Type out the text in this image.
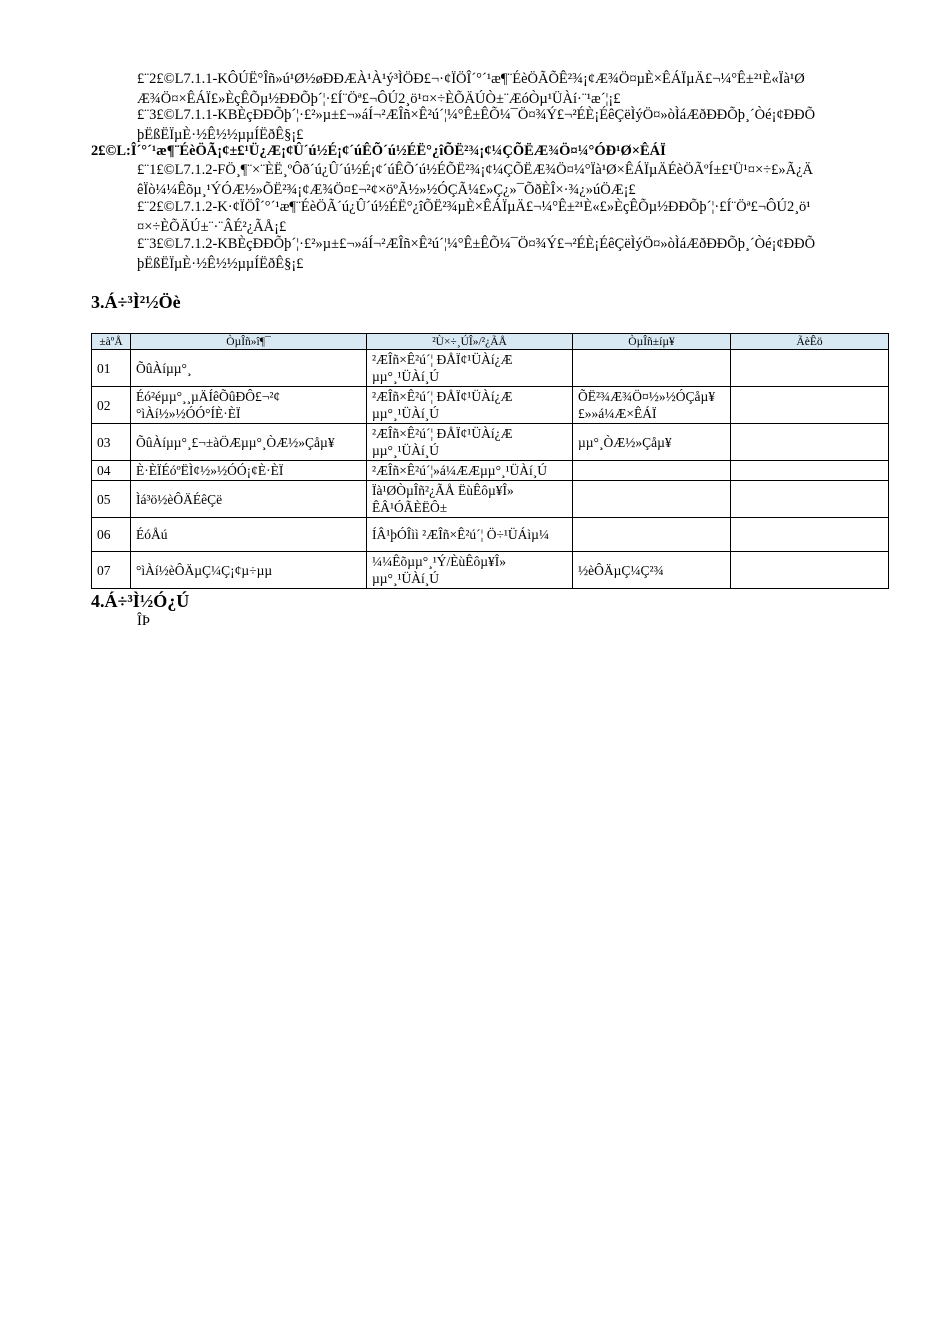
£¨2£©L7.1.1-KÔÚË°Îñ»ú¹Ø½øÐÐÆÀ¹À¹ý³ÌÖÐ£¬·¢ÏÖÎ´°´¹æ¶¨ÉèÖÃÕÊ²¾¡¢Æ¾Ö¤µÈ×ÊÁÏµÄ£¬¼°Ê±²¹È«Ïà¹Ø
Æ¾Ö¤×ÊÁÏ£»ÈçÊÕµ½ÐÐÕþ´¦·£Í¨Öª£¬ÔÚ2¸ö¹¤×÷ÈÕÄÚÒ±¨ÆóÒµ¹ÜÀí·¨¹æ´¦¡£
£¨3£©L7.1.1-KBÈçÐÐÕþ´¦·£²»µ±£¬»áÍ¬²ÆÎñ×Ê²ú´¦¼°Ê±ÊÕ¼¯Ö¤¾Ý£¬²ÉÈ¡ÉêÇëÌýÖ¤»òÌáÆðÐÐÕþ¸´Òé¡¢ÐÐÕ
þËßËÏµÈ·½Ê½½µµÍËðÊ§¡£
2£©L:Î´°´¹æ¶¨ÉèÖÃ¡¢±£¹Ü¿Æ¡¢Û´ú½É¡¢´úÊÕ´ú½ÉË°¿îÕË²¾¡¢¼ÇÕËÆ¾Ö¤¼°ÓÐ¹Ø×ÊÁÏ
£¨1£©L7.1.2-FÖ¸¶¨×¨ÈË¸ºÔð´ú¿Û´ú½É¡¢´úÊÕ´ú½ÉÕË²¾¡¢¼ÇÕËÆ¾Ö¤¼°Ïà¹Ø×ÊÁÏµÄÉèÖÃºÍ±£¹Ü¹¤×÷£»Ã¿Ä
êÏò¼¼Êõµ¸¹ÝÓÆ½»ÕË²¾¡¢Æ¾Ö¤£¬²¢×öºÃ½»½ÓÇÃ¼£»Ç¿»¯ÕðÈÎ×·¾¿»úÖÆ¡£
£¨2£©L7.1.2-K·¢ÏÖÎ´°´¹æ¶¨ÉèÖÃ´ú¿Û´ú½ÉË°¿îÕË²¾µÈ×ÊÁÏµÄ£¬¼°Ê±²¹È«£»ÈçÊÕµ½ÐÐÕþ´¦·£Í¨Öª£¬ÔÚ2¸ö¹
¤×÷ÈÕÄÚ±¨·¨ÂÉ²¿ÃÅ¡£
£¨3£©L7.1.2-KBÈçÐÐÕþ´¦·£²»µ±£¬»áÍ¬²ÆÎñ×Ê²ú´¦¼°Ê±ÊÕ¼¯Ö¤¾Ý£¬²ÉÈ¡ÉêÇëÌýÖ¤»òÌáÆðÐÐÕþ¸´Òé¡¢ÐÐÕ
þËßËÏµÈ·½Ê½½µµÍËðÊ§¡£
3.Á÷³Ì²½Öè
±àºÅ	ÒµÎñ»î¶¯	²Ù×÷¸ÚÎ»/²¿ÃÅ	ÒµÎñ±íµ¥	ÃèÊö
01	ÕûÀíµµ°¸	²ÆÎñ×Ê²ú´¦ ÐÅÏ¢¹ÜÀí¿Æ µµ°¸¹ÜÀí¸Ú		
02	Éó²éµµ°¸¸µÄÍêÕûÐÔ£¬²¢°ìÀí½»½ÓÓ°ÍÈ·ÈÏ	²ÆÎñ×Ê²ú´¦ ÐÅÏ¢¹ÜÀí¿Æ µµ°¸¹ÜÀí¸Ú	ÕË²¾Æ¾Ö¤½»½ÓÇåµ¥£»»á¼Æ×ÊÁÏ	
03	ÕûÀíµµ°¸£¬±àÖÆµµ°¸ÒÆ½»Çåµ¥	²ÆÎñ×Ê²ú´¦ ÐÅÏ¢¹ÜÀí¿Æ µµ°¸¹ÜÀí¸Ú	µµ°¸ÒÆ½»Çåµ¥	
04	È·ÈÏÉóºËÌ¢½»½ÓÓ¡¢È·ÈÏ	²ÆÎñ×Ê²ú´¦»á¼ÆÆµµ°¸¹ÜÀí¸Ú		
05	Ìá³ö½èÔÄÉêÇë	Ïà¹ØÒµÎñ²¿ÃÅ ËùÊôµ¥Î» ÊÂ¹ÓÃÈËÔ±		
06	ÉóÅú	ÍÂ¹þÓÎìì ²ÆÎñ×Ê²ú´¦ Ö÷¹ÜÁìµ¼		
07	°ìÀí½èÔÄµÇ¼Ç¡¢µ÷µµ	¼¼Êõµµ°¸¹Ý/ÈùÊôµ¥Î» µµ°¸¹ÜÀí¸Ú	½èÔÄµÇ¼Ç²¾	
4.Á÷³Ì½Ó¿Ú
ÎÞ
